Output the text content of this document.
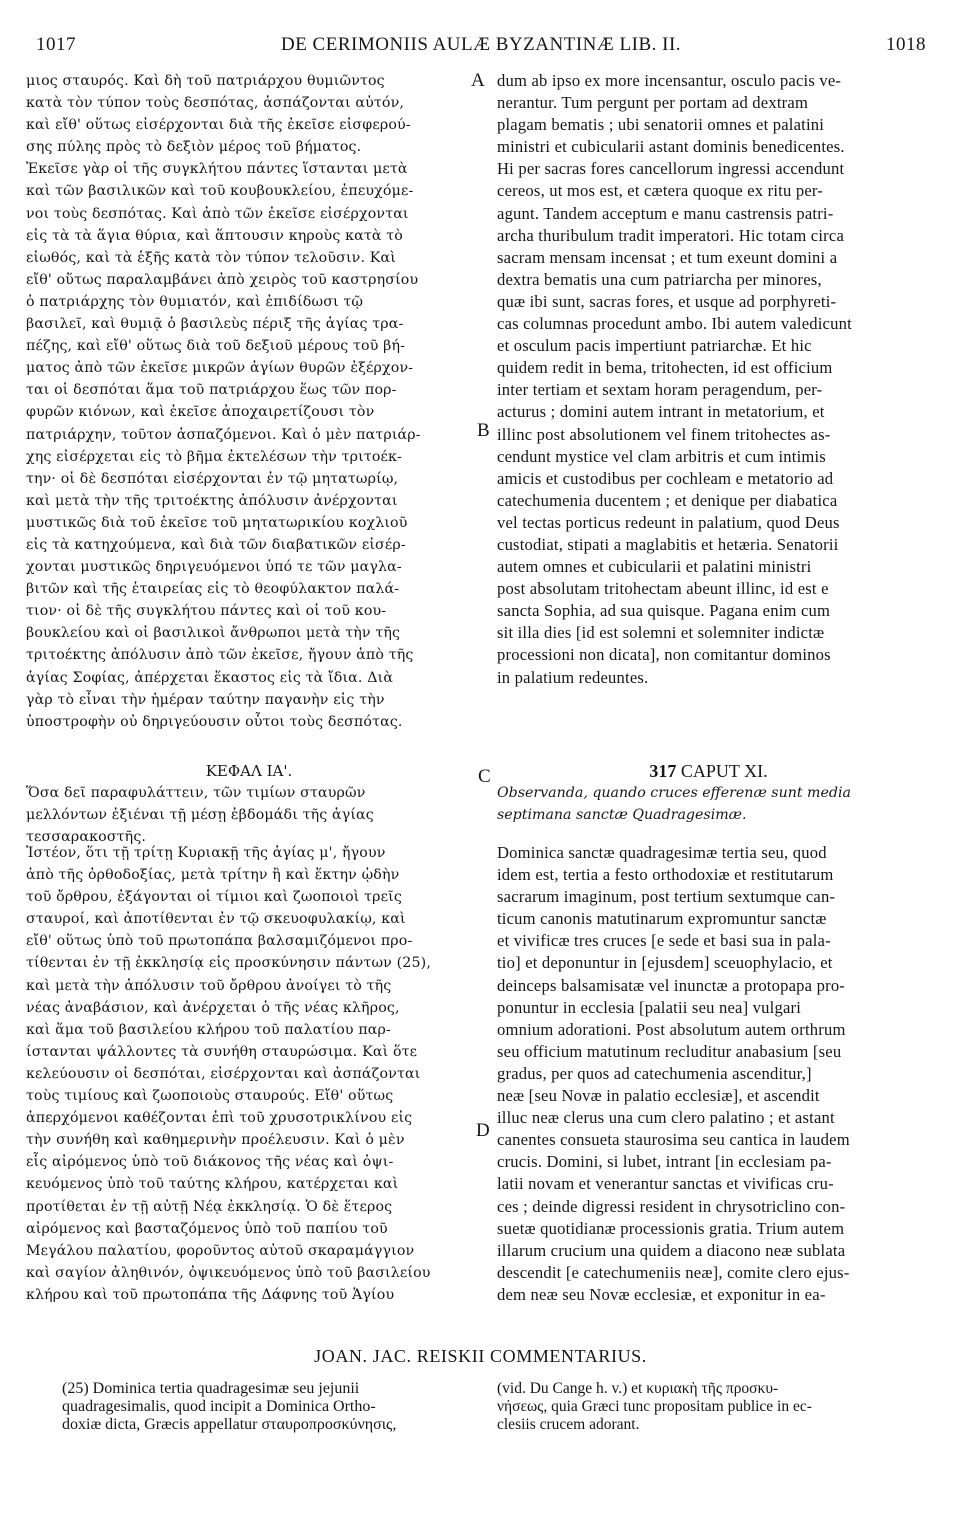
1017	DE CERIMONIIS AULÆ BYZANTINÆ LIB. II.	1018
A
B
C
D
μιος σταυρός. Καὶ δὴ τοῦ πατριάρχου θυμιῶντος
κατὰ τὸν τύπον τοὺς δεσπότας, ἀσπάζονται αὐτόν,
καὶ εἴθ' οὕτως εἰσέρχονται διὰ τῆς ἐκεῖσε εἰσφερού-
σης πύλης πρὸς τὸ δεξιὸν μέρος τοῦ βήματος.
Ἐκεῖσε γὰρ οἱ τῆς συγκλήτου πάντες ἵστανται μετὰ
καὶ τῶν βασιλικῶν καὶ τοῦ κουβουκλείου, ἐπευχόμε-
νοι τοὺς δεσπότας. Καὶ ἀπὸ τῶν ἐκεῖσε εἰσέρχονται
εἰς τὰ τὰ ἅγια θύρια, καὶ ἅπτουσιν κηροὺς κατὰ τὸ
εἰωθός, καὶ τὰ ἑξῆς κατὰ τὸν τύπον τελοῦσιν. Καὶ
εἴθ' οὕτως παραλαμβάνει ἀπὸ χειρὸς τοῦ καστρησίου
ὁ πατριάρχης τὸν θυμιατόν, καὶ ἐπιδίδωσι τῷ
βασιλεῖ, καὶ θυμιᾷ ὁ βασιλεὺς πέριξ τῆς ἁγίας τρα-
πέζης, καὶ εἴθ' οὕτως διὰ τοῦ δεξιοῦ μέρους τοῦ βή-
ματος ἀπὸ τῶν ἐκεῖσε μικρῶν ἁγίων θυρῶν ἐξέρχον-
ται οἱ δεσπόται ἅμα τοῦ πατριάρχου ἕως τῶν πορ-
φυρῶν κιόνων, καὶ ἐκεῖσε ἀποχαιρετίζουσι τὸν
πατριάρχην, τοῦτον ἀσπαζόμενοι. Καὶ ὁ μὲν πατριάρ-
χης εἰσέρχεται εἰς τὸ βῆμα ἐκτελέσων τὴν τριτοέκ-
την· οἱ δὲ δεσπόται εἰσέρχονται ἐν τῷ μητατωρίῳ,
καὶ μετὰ τὴν τῆς τριτοέκτης ἀπόλυσιν ἀνέρχονται
μυστικῶς διὰ τοῦ ἐκεῖσε τοῦ μητατωρικίου κοχλιοῦ
εἰς τὰ κατηχούμενα, καὶ διὰ τῶν διαβατικῶν εἰσέρ-
χονται μυστικῶς δηριγευόμενοι ὑπό τε τῶν μαγλα-
βιτῶν καὶ τῆς ἑταιρείας εἰς τὸ θεοφύλακτον παλά-
τιον· οἱ δὲ τῆς συγκλήτου πάντες καὶ οἱ τοῦ κου-
βουκλείου καὶ οἱ βασιλικοὶ ἄνθρωποι μετὰ τὴν τῆς
τριτοέκτης ἀπόλυσιν ἀπὸ τῶν ἐκεῖσε, ἤγουν ἀπὸ τῆς
ἁγίας Σοφίας, ἀπέρχεται ἕκαστος εἰς τὰ ἴδια. Διὰ
γὰρ τὸ εἶναι τὴν ἡμέραν ταύτην παγανὴν εἰς τὴν
ὑποστροφὴν οὐ δηριγεύουσιν οὗτοι τοὺς δεσπότας.
dum ab ipso ex more incensantur, osculo pacis ve-
nerantur. Tum pergunt per portam ad dextram
plagam bematis ; ubi senatorii omnes et palatini
ministri et cubicularii astant dominis benedicentes.
Hi per sacras fores cancellorum ingressi accendunt
cereos, ut mos est, et cætera quoque ex ritu per-
agunt. Tandem acceptum e manu castrensis patri-
archa thuribulum tradit imperatori. Hic totam circa
sacram mensam incensat ; et tum exeunt domini a
dextra bematis una cum patriarcha per minores,
quæ ibi sunt, sacras fores, et usque ad porphyreti-
cas columnas procedunt ambo. Ibi autem valedicunt
et osculum pacis impertiunt patriarchæ. Et hic
quidem redit in bema, tritohecten, id est officium
inter tertiam et sextam horam peragendum, per-
acturus ; domini autem intrant in metatorium, et
illinc post absolutionem vel finem tritohectes as-
cendunt mystice vel clam arbitris et cum intimis
amicis et custodibus per cochleam e metatorio ad
catechumenia ducentem ; et denique per diabatica
vel tectas porticus redeunt in palatium, quod Deus
custodiat, stipati a maglabitis et hetæria. Senatorii
autem omnes et cubicularii et palatini ministri
post absolutam tritohectam abeunt illinc, id est e
sancta Sophia, ad sua quisque. Pagana enim cum
sit illa dies [id est solemni et solemniter indictæ
processioni non dicata], non comitantur dominos
in palatium redeuntes.
ΚΕΦΑΛ ΙΑ'.
Ὅσα δεῖ παραφυλάττειν, τῶν τιμίων σταυρῶν
μελλόντων ἐξιέναι τῇ μέσῃ ἑβδομάδι τῆς ἁγίας
τεσσαρακοστῆς.
317 CAPUT XI.
Observanda, quando cruces efferenæ sunt media
septimana sanctæ Quadragesimæ.
Ἰστέον, ὅτι τῇ τρίτῃ Κυριακῇ τῆς ἁγίας μ', ἤγουν
ἀπὸ τῆς ὀρθοδοξίας, μετὰ τρίτην ἢ καὶ ἕκτην ᾠδὴν
τοῦ ὄρθρου, ἐξάγονται οἱ τίμιοι καὶ ζωοποιοὶ τρεῖς
σταυροί, καὶ ἀποτίθενται ἐν τῷ σκευοφυλακίῳ, καὶ
εἴθ' οὕτως ὑπὸ τοῦ πρωτοπάπα βαλσαμιζόμενοι προ-
τίθενται ἐν τῇ ἐκκλησίᾳ εἰς προσκύνησιν πάντων (25),
καὶ μετὰ τὴν ἀπόλυσιν τοῦ ὄρθρου ἀνοίγει τὸ τῆς
νέας ἀναβάσιον, καὶ ἀνέρχεται ὁ τῆς νέας κλῆρος,
καὶ ἅμα τοῦ βασιλείου κλήρου τοῦ παλατίου παρ-
ίστανται ψάλλοντες τὰ συνήθη σταυρώσιμα. Καὶ ὅτε
κελεύουσιν οἱ δεσπόται, εἰσέρχονται καὶ ἀσπάζονται
τοὺς τιμίους καὶ ζωοποιοὺς σταυρούς. Εἴθ' οὕτως
ἀπερχόμενοι καθέζονται ἐπὶ τοῦ χρυσοτρικλίνου εἰς
τὴν συνήθη καὶ καθημερινὴν προέλευσιν. Καὶ ὁ μὲν
εἷς αἰρόμενος ὑπὸ τοῦ διάκονος τῆς νέας καὶ ὀψι-
κευόμενος ὑπὸ τοῦ ταύτης κλήρου, κατέρχεται καὶ
προτίθεται ἐν τῇ αὐτῇ Νέᾳ ἐκκλησίᾳ. Ὁ δὲ ἕτερος
αἰρόμενος καὶ βασταζόμενος ὑπὸ τοῦ παπίου τοῦ
Μεγάλου παλατίου, φοροῦντος αὐτοῦ σκαραμάγγιον
καὶ σαγίον ἀληθινόν, ὀψικευόμενος ὑπὸ τοῦ βασιλείου
κλήρου καὶ τοῦ πρωτοπάπα τῆς Δάφνης τοῦ Ἁγίου
Dominica sanctæ quadragesimæ tertia seu, quod
idem est, tertia a festo orthodoxiæ et restitutarum
sacrarum imaginum, post tertium sextumque can-
ticum canonis matutinarum expromuntur sanctæ
et vivificæ tres cruces [e sede et basi sua in pala-
tio] et deponuntur in [ejusdem] sceuophylacio, et
deinceps balsamisatæ vel inunctæ a protopapa pro-
ponuntur in ecclesia [palatii seu nea] vulgari
omnium adorationi. Post absolutum autem orthrum
seu officium matutinum recluditur anabasium [seu
gradus, per quos ad catechumenia ascenditur,]
neæ [seu Novæ in palatio ecclesiæ], et ascendit
illuc neæ clerus una cum clero palatino ; et astant
canentes consueta staurosima seu cantica in laudem
crucis. Domini, si lubet, intrant [in ecclesiam pa-
latii novam et venerantur sanctas et vivificas cru-
ces ; deinde digressi resident in chrysotriclino con-
suetæ quotidianæ processionis gratia. Trium autem
illarum crucium una quidem a diacono neæ sublata
descendit [e catechumeniis neæ], comite clero ejus-
dem neæ seu Novæ ecclesiæ, et exponitur in ea-
JOAN. JAC. REISKII COMMENTARIUS.
(25) Dominica tertia quadragesimæ seu jejunii
quadragesimalis, quod incipit a Dominica Ortho-
doxiæ dicta, Græcis appellatur σταυροπροσκύνησις,
(vid. Du Cange h. v.) et κυριακὴ τῆς προσκυ-
νήσεως, quia Græci tunc propositam publice in ec-
clesiis crucem adorant.
